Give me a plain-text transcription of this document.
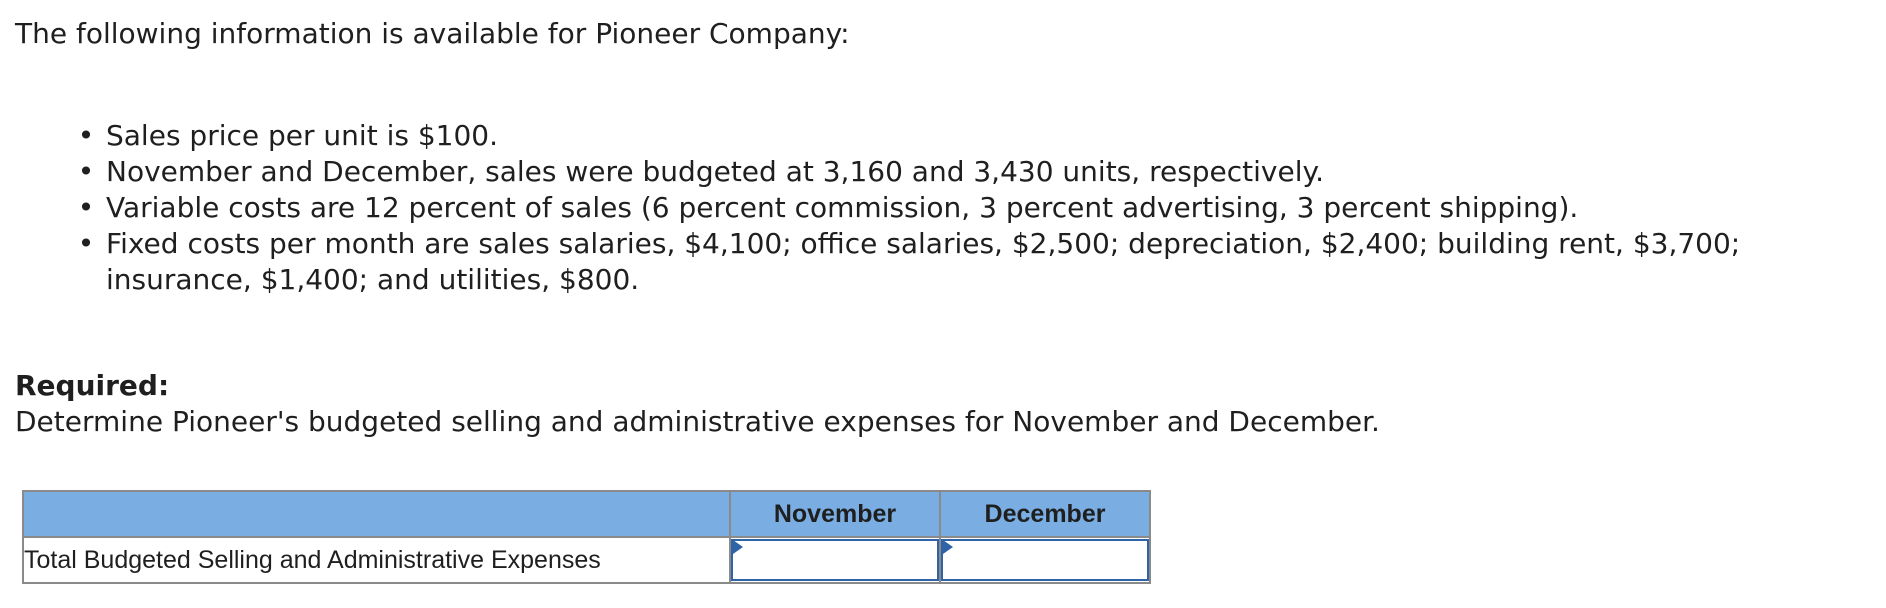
The following information is available for Pioneer Company:

• Sales price per unit is $100.
• November and December, sales were budgeted at 3,160 and 3,430 units, respectively.
• Variable costs are 12 percent of sales (6 percent commission, 3 percent advertising, 3 percent shipping).
• Fixed costs per month are sales salaries, $4,100; office salaries, $2,500; depreciation, $2,400; building rent, $3,700; insurance, $1,400; and utilities, $800.

Required:

Determine Pioneer's budgeted selling and administrative expenses for November and December.

	November	December
Total Budgeted Selling and Administrative Expenses	
